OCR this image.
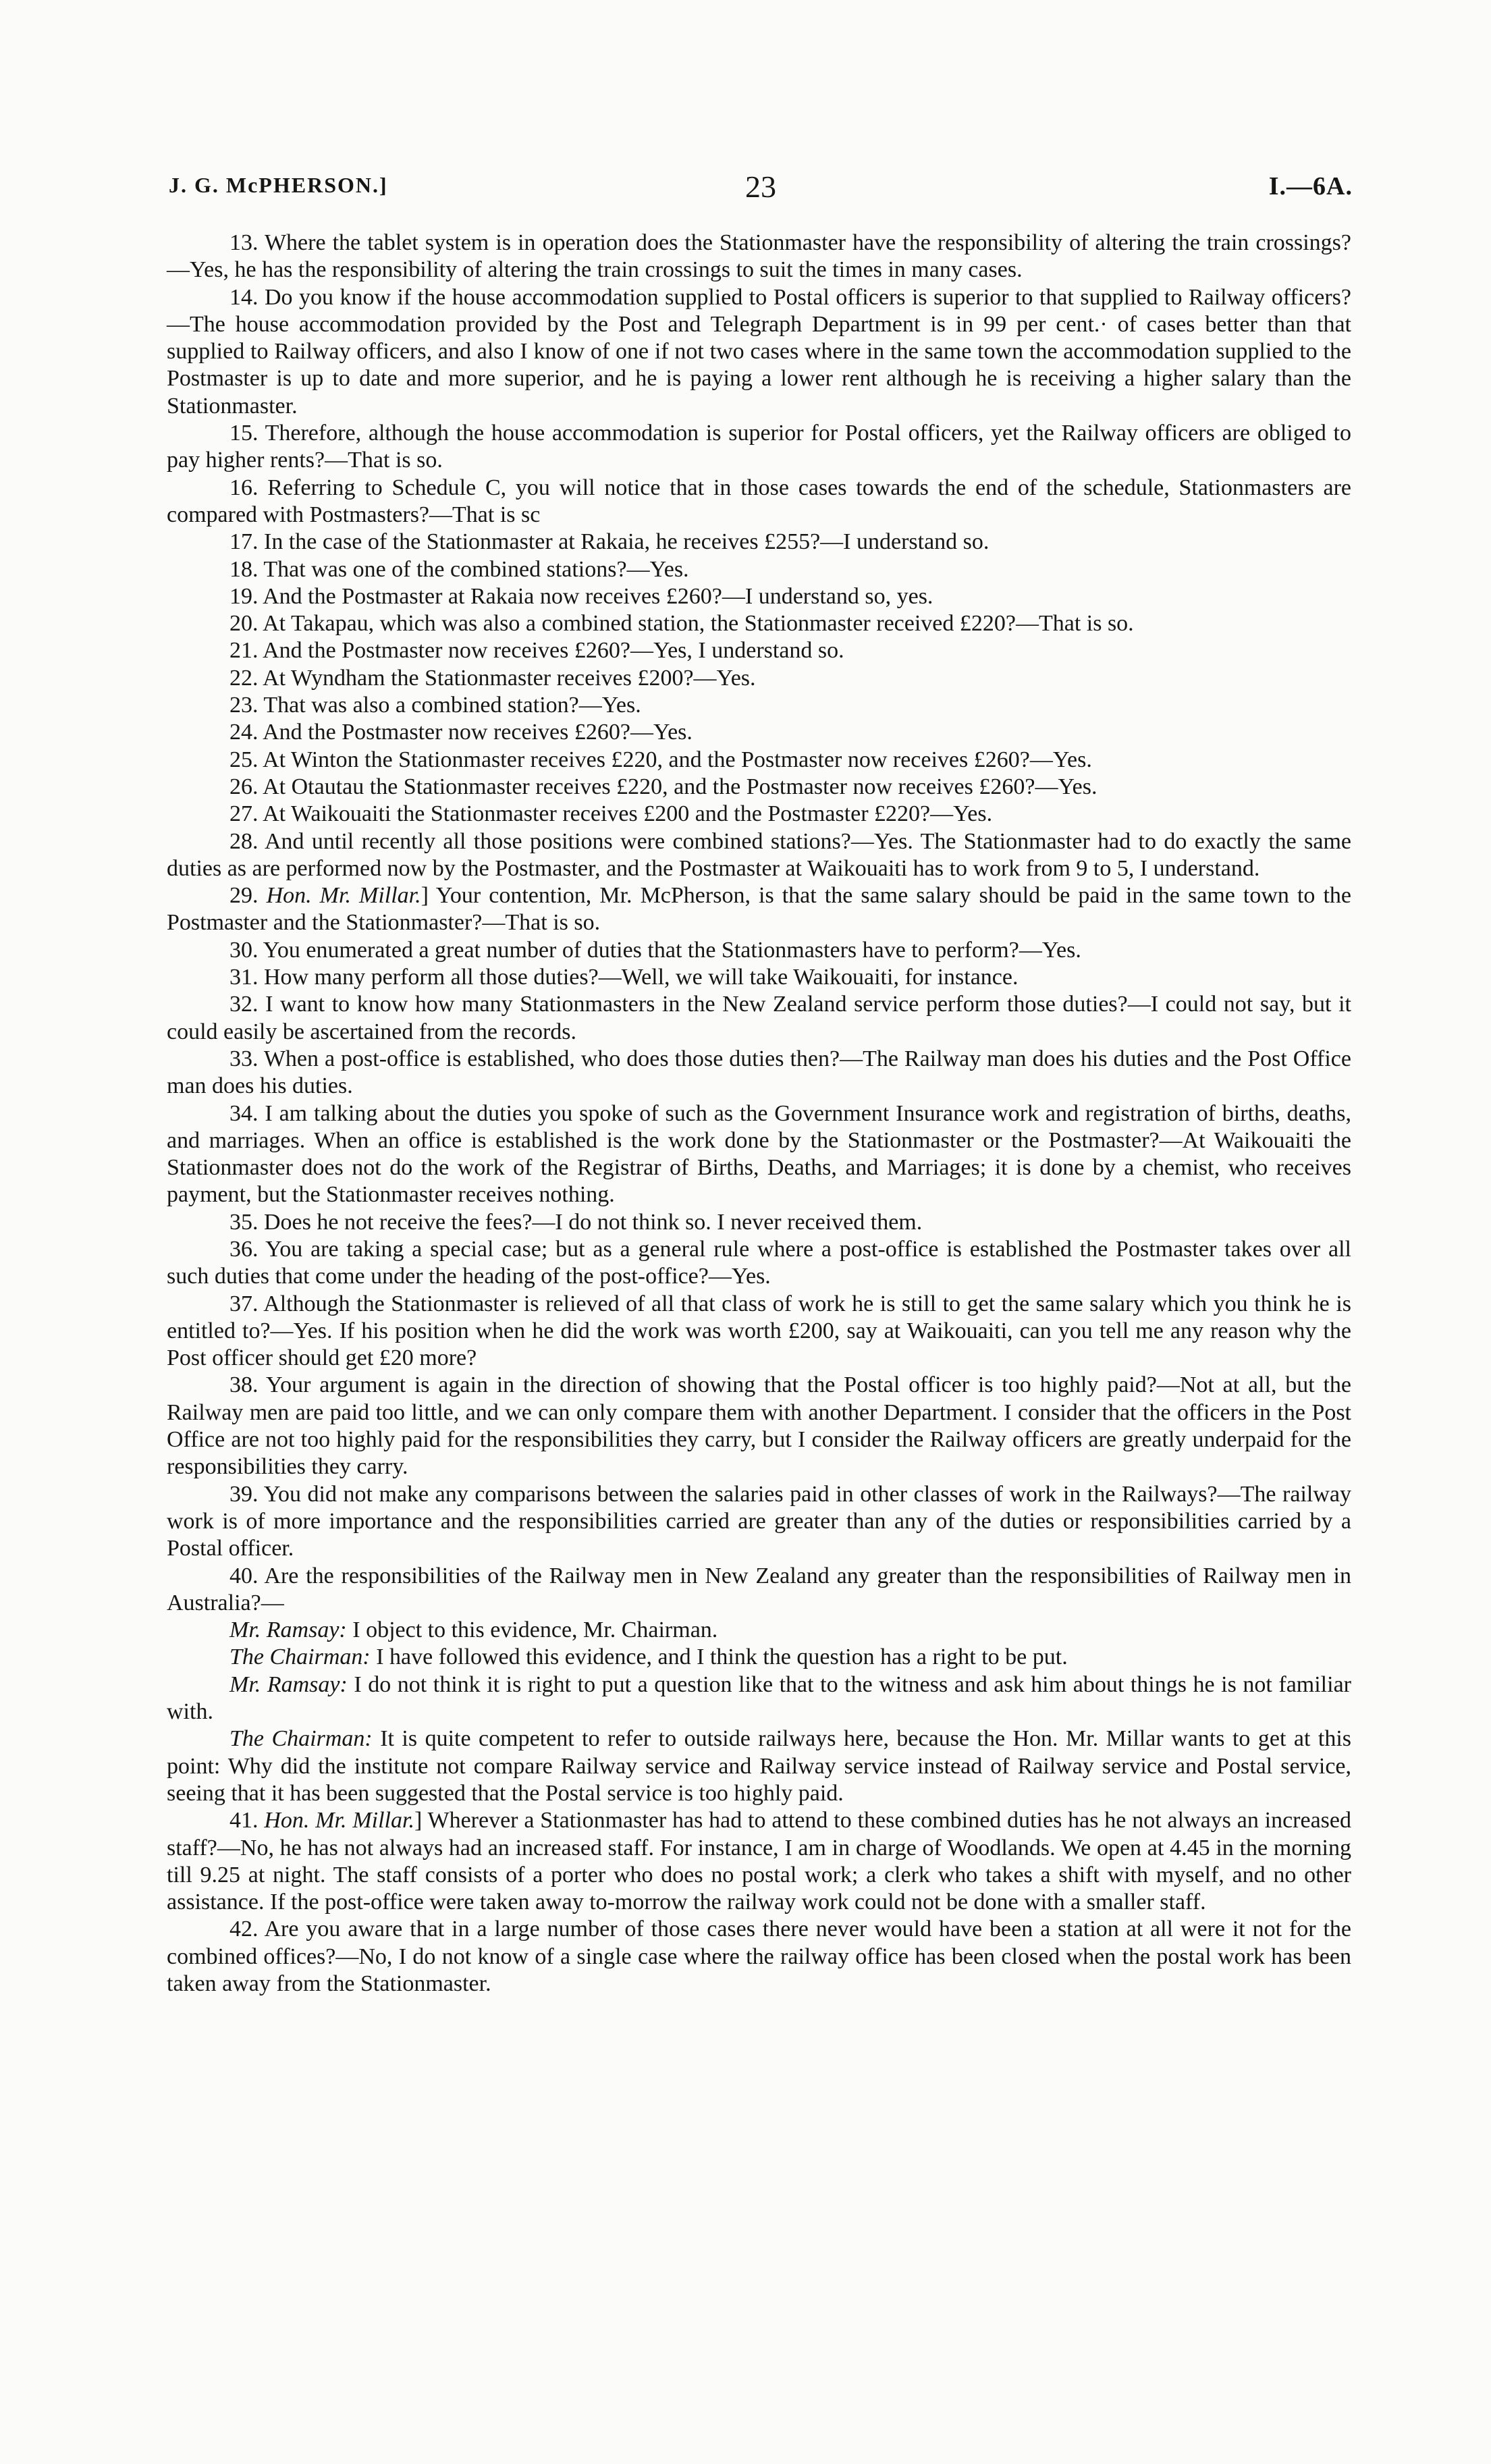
J. G. McPHERSON.]	23	I.—6A.

13. Where the tablet system is in operation does the Stationmaster have the responsibility of altering the train crossings?—Yes, he has the responsibility of altering the train crossings to suit the times in many cases.

14. Do you know if the house accommodation supplied to Postal officers is superior to that supplied to Railway officers?—The house accommodation provided by the Post and Telegraph Department is in 99 per cent.· of cases better than that supplied to Railway officers, and also I know of one if not two cases where in the same town the accommodation supplied to the Postmaster is up to date and more superior, and he is paying a lower rent although he is receiving a higher salary than the Stationmaster.

15. Therefore, although the house accommodation is superior for Postal officers, yet the Railway officers are obliged to pay higher rents?—That is so.

16. Referring to Schedule C, you will notice that in those cases towards the end of the schedule, Stationmasters are compared with Postmasters?—That is sc

17. In the case of the Stationmaster at Rakaia, he receives £255?—I understand so.

18. That was one of the combined stations?—Yes.

19. And the Postmaster at Rakaia now receives £260?—I understand so, yes.

20. At Takapau, which was also a combined station, the Stationmaster received £220?—That is so.

21. And the Postmaster now receives £260?—Yes, I understand so.

22. At Wyndham the Stationmaster receives £200?—Yes.

23. That was also a combined station?—Yes.

24. And the Postmaster now receives £260?—Yes.

25. At Winton the Stationmaster receives £220, and the Postmaster now receives £260?—Yes.

26. At Otautau the Stationmaster receives £220, and the Postmaster now receives £260?—Yes.

27. At Waikouaiti the Stationmaster receives £200 and the Postmaster £220?—Yes.

28. And until recently all those positions were combined stations?—Yes. The Stationmaster had to do exactly the same duties as are performed now by the Postmaster, and the Postmaster at Waikouaiti has to work from 9 to 5, I understand.

29. Hon. Mr. Millar.] Your contention, Mr. McPherson, is that the same salary should be paid in the same town to the Postmaster and the Stationmaster?—That is so.

30. You enumerated a great number of duties that the Stationmasters have to perform?—Yes.

31. How many perform all those duties?—Well, we will take Waikouaiti, for instance.

32. I want to know how many Stationmasters in the New Zealand service perform those duties?—I could not say, but it could easily be ascertained from the records.

33. When a post-office is established, who does those duties then?—The Railway man does his duties and the Post Office man does his duties.

34. I am talking about the duties you spoke of such as the Government Insurance work and registration of births, deaths, and marriages. When an office is established is the work done by the Stationmaster or the Postmaster?—At Waikouaiti the Stationmaster does not do the work of the Registrar of Births, Deaths, and Marriages; it is done by a chemist, who receives payment, but the Stationmaster receives nothing.

35. Does he not receive the fees?—I do not think so. I never received them.

36. You are taking a special case; but as a general rule where a post-office is established the Postmaster takes over all such duties that come under the heading of the post-office?—Yes.

37. Although the Stationmaster is relieved of all that class of work he is still to get the same salary which you think he is entitled to?—Yes. If his position when he did the work was worth £200, say at Waikouaiti, can you tell me any reason why the Post officer should get £20 more?

38. Your argument is again in the direction of showing that the Postal officer is too highly paid?—Not at all, but the Railway men are paid too little, and we can only compare them with another Department. I consider that the officers in the Post Office are not too highly paid for the responsibilities they carry, but I consider the Railway officers are greatly underpaid for the responsibilities they carry.

39. You did not make any comparisons between the salaries paid in other classes of work in the Railways?—The railway work is of more importance and the responsibilities carried are greater than any of the duties or responsibilities carried by a Postal officer.

40. Are the responsibilities of the Railway men in New Zealand any greater than the responsibilities of Railway men in Australia?—

Mr. Ramsay: I object to this evidence, Mr. Chairman.

The Chairman: I have followed this evidence, and I think the question has a right to be put.

Mr. Ramsay: I do not think it is right to put a question like that to the witness and ask him about things he is not familiar with.

The Chairman: It is quite competent to refer to outside railways here, because the Hon. Mr. Millar wants to get at this point: Why did the institute not compare Railway service and Railway service instead of Railway service and Postal service, seeing that it has been suggested that the Postal service is too highly paid.

41. Hon. Mr. Millar.] Wherever a Stationmaster has had to attend to these combined duties has he not always an increased staff?—No, he has not always had an increased staff. For instance, I am in charge of Woodlands. We open at 4.45 in the morning till 9.25 at night. The staff consists of a porter who does no postal work; a clerk who takes a shift with myself, and no other assistance. If the post-office were taken away to-morrow the railway work could not be done with a smaller staff.

42. Are you aware that in a large number of those cases there never would have been a station at all were it not for the combined offices?—No, I do not know of a single case where the railway office has been closed when the postal work has been taken away from the Stationmaster.
